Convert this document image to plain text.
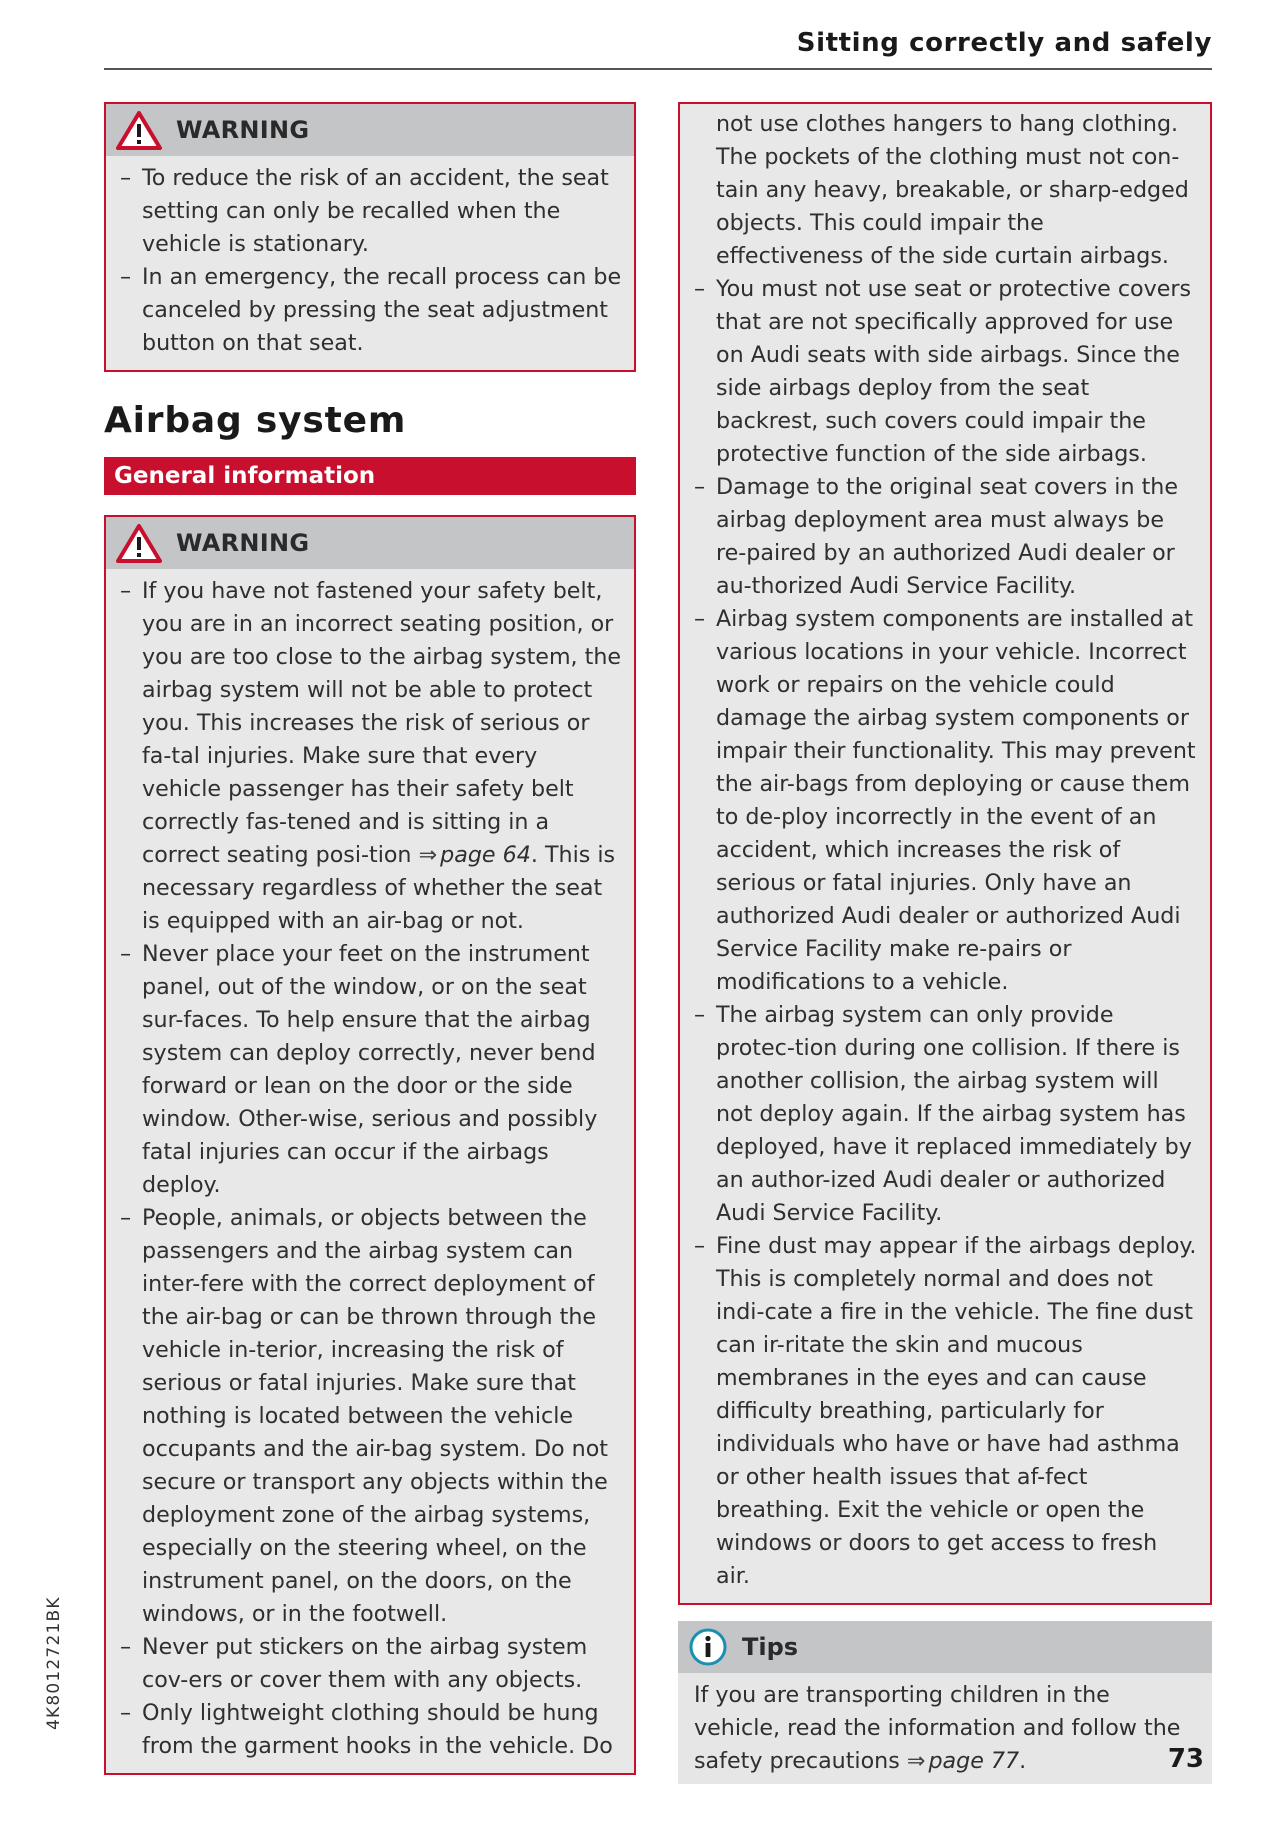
Sitting correctly and safely
WARNING
– To reduce the risk of an accident, the seat setting can only be recalled when the vehicle is stationary.
– In an emergency, the recall process can be canceled by pressing the seat adjustment button on that seat.
Airbag system
General information
WARNING
– If you have not fastened your safety belt, you are in an incorrect seating position, or you are too close to the airbag system, the airbag system will not be able to protect you. This increases the risk of serious or fa-tal injuries. Make sure that every vehicle passenger has their safety belt correctly fas-tened and is sitting in a correct seating posi-tion ⇒ page 64. This is necessary regardless of whether the seat is equipped with an air-bag or not.
– Never place your feet on the instrument panel, out of the window, or on the seat sur-faces. To help ensure that the airbag system can deploy correctly, never bend forward or lean on the door or the side window. Other-wise, serious and possibly fatal injuries can occur if the airbags deploy.
– People, animals, or objects between the passengers and the airbag system can inter-fere with the correct deployment of the air-bag or can be thrown through the vehicle in-terior, increasing the risk of serious or fatal injuries. Make sure that nothing is located between the vehicle occupants and the air-bag system. Do not secure or transport any objects within the deployment zone of the airbag systems, especially on the steering wheel, on the instrument panel, on the doors, on the windows, or in the footwell.
– Never put stickers on the airbag system cov-ers or cover them with any objects.
– Only lightweight clothing should be hung from the garment hooks in the vehicle. Do
not use clothes hangers to hang clothing. The pockets of the clothing must not con-tain any heavy, breakable, or sharp-edged objects. This could impair the effectiveness of the side curtain airbags.
– You must not use seat or protective covers that are not specifically approved for use on Audi seats with side airbags. Since the side airbags deploy from the seat backrest, such covers could impair the protective function of the side airbags.
– Damage to the original seat covers in the airbag deployment area must always be re-paired by an authorized Audi dealer or au-thorized Audi Service Facility.
– Airbag system components are installed at various locations in your vehicle. Incorrect work or repairs on the vehicle could damage the airbag system components or impair their functionality. This may prevent the air-bags from deploying or cause them to de-ploy incorrectly in the event of an accident, which increases the risk of serious or fatal injuries. Only have an authorized Audi dealer or authorized Audi Service Facility make re-pairs or modifications to a vehicle.
– The airbag system can only provide protec-tion during one collision. If there is another collision, the airbag system will not deploy again. If the airbag system has deployed, have it replaced immediately by an author-ized Audi dealer or authorized Audi Service Facility.
– Fine dust may appear if the airbags deploy. This is completely normal and does not indi-cate a fire in the vehicle. The fine dust can ir-ritate the skin and mucous membranes in the eyes and can cause difficulty breathing, particularly for individuals who have or have had asthma or other health issues that af-fect breathing. Exit the vehicle or open the windows or doors to get access to fresh air.
Tips
If you are transporting children in the vehicle, read the information and follow the safety precautions ⇒ page 77.
4K8012721BK
73
